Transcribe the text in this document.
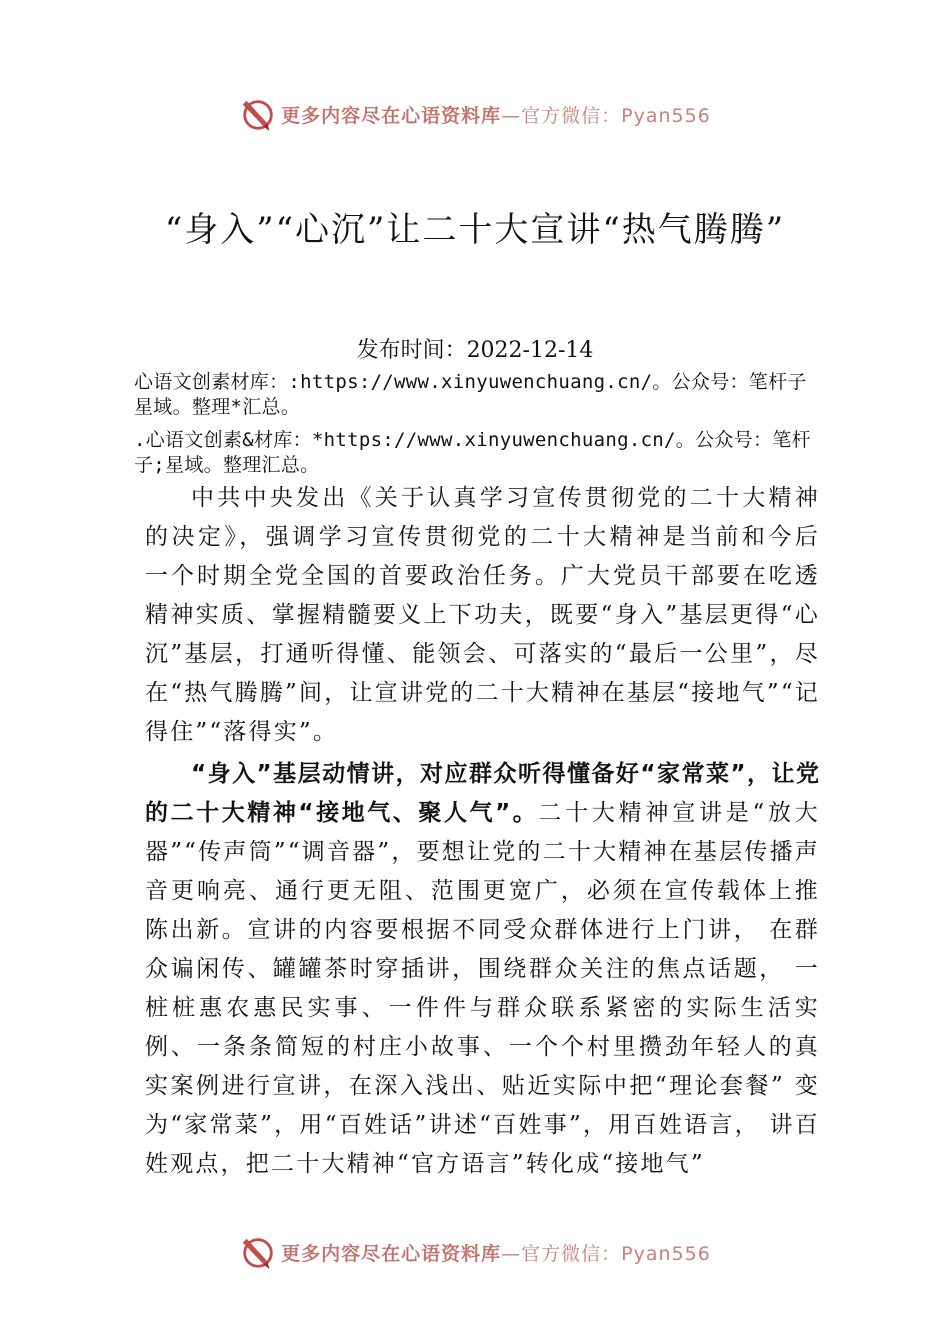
更多内容尽在心语资料库—官方微信：Pyan556
“身入”“心沉”让二十大宣讲“热气腾腾”
发布时间：2022-12-14
心语文创素材库：:https://www.xinyuwenchuang.cn/。公众号：笔杆子星域。整理*汇总。
.心语文创素&材库：*https://www.xinyuwenchuang.cn/。公众号：笔杆子;星域。整理汇总。
中共中央发出《关于认真学习宣传贯彻党的二十大精神的决定》，强调学习宣传贯彻党的二十大精神是当前和今后 一个时期全党全国的首要政治任务。广大党员干部要在吃透精神实质、掌握精髓要义上下功夫，既要“身入”基层更得“心沉”基层，打通听得懂、能领会、可落实的“最后一公里”，尽在“热气腾腾”间，让宣讲党的二十大精神在基层“接地气”“记得住”“落得实”。
“身入”基层动情讲，对应群众听得懂备好“家常菜”，让党的二十大精神“接地气、聚人气”。二十大精神宣讲是“放大器”“传声筒”“调音器”，要想让党的二十大精神在基层传播声音更响亮、通行更无阻、范围更宽广，必须在宣传载体上推陈出新。宣讲的内容要根据不同受众群体进行上门讲， 在群众谝闲传、罐罐茶时穿插讲，围绕群众关注的焦点话题， 一桩桩惠农惠民实事、一件件与群众联系紧密的实际生活实例、一条条简短的村庄小故事、一个个村里攒劲年轻人的真实案例进行宣讲，在深入浅出、贴近实际中把“理论套餐” 变为“家常菜”，用“百姓话”讲述“百姓事”，用百姓语言， 讲百姓观点，把二十大精神“官方语言”转化成“接地气”
更多内容尽在心语资料库—官方微信：Pyan556
